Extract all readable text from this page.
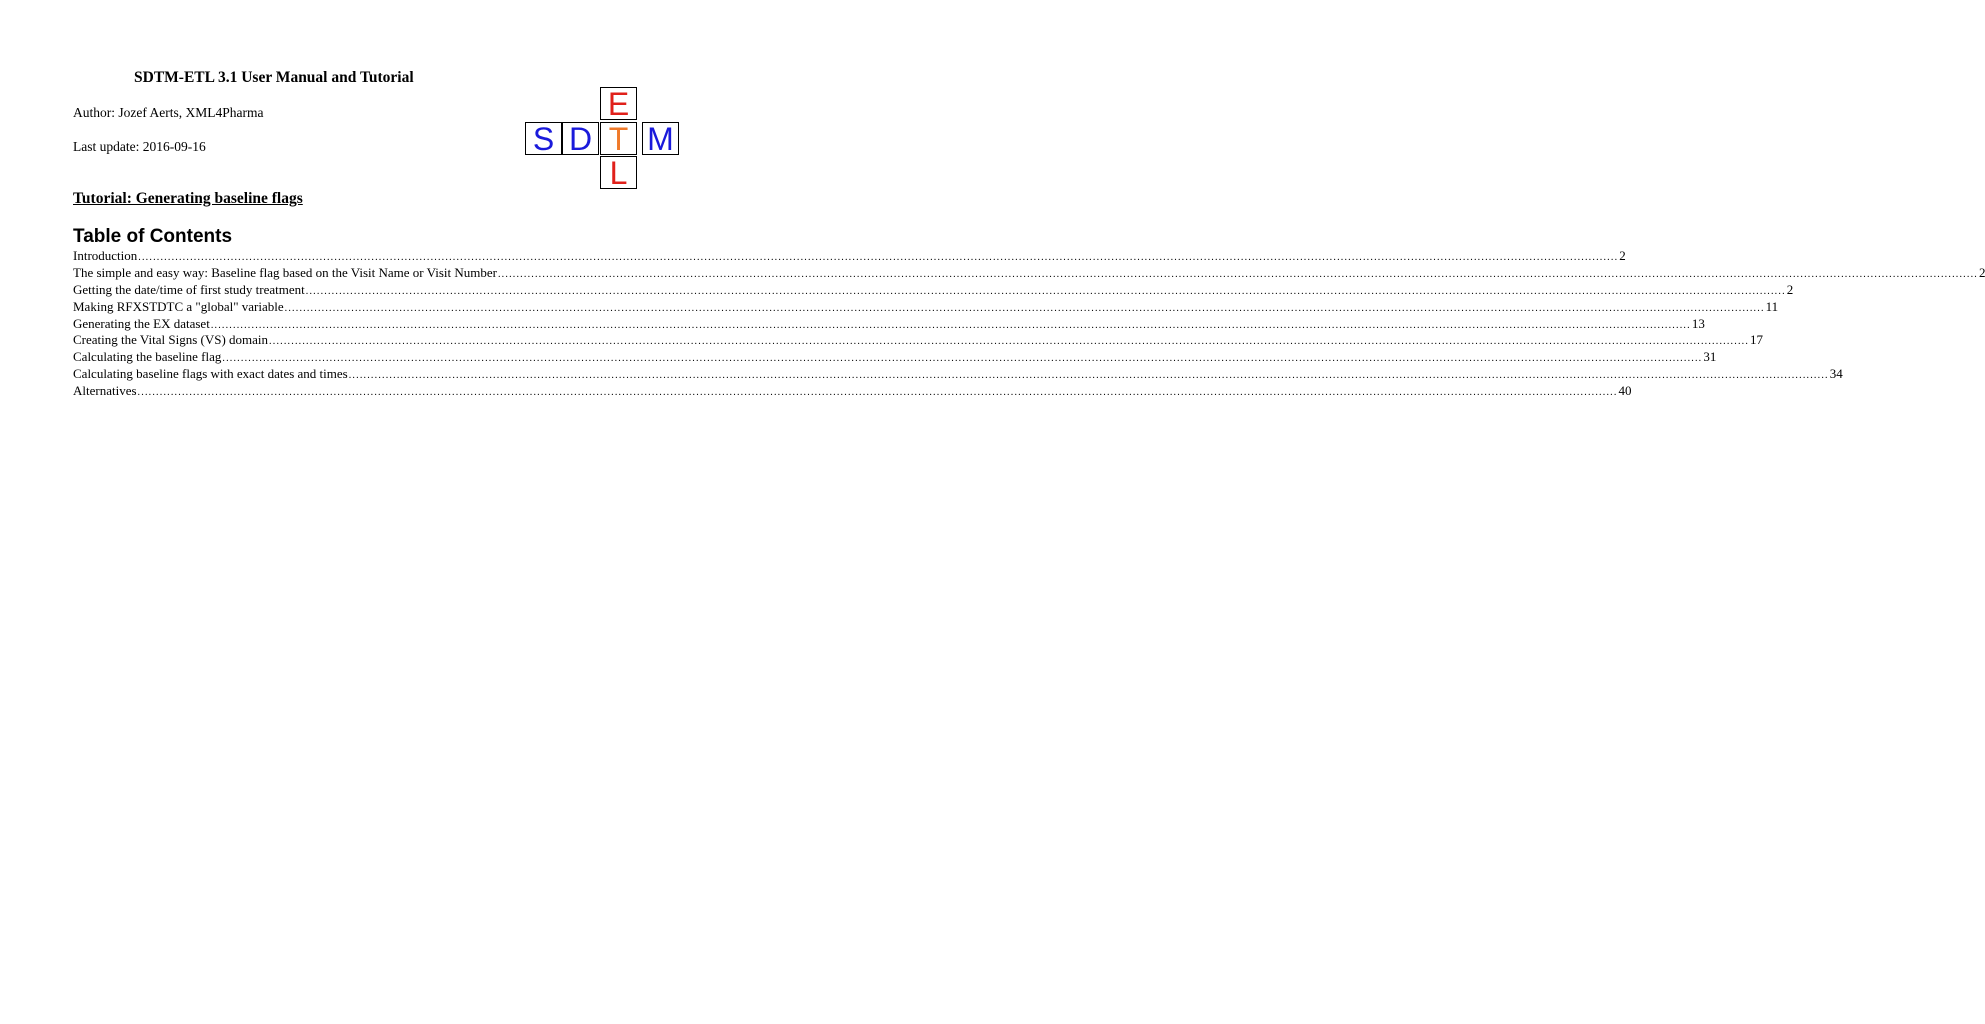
SDTM-ETL 3.1 User Manual and Tutorial
Author: Jozef Aerts, XML4Pharma
Last update: 2016-09-16
E
S D T M
L
Tutorial: Generating baseline flags
Table of Contents
Introduction ................................................................................................................................................................................................................................................................................................................................................................................................................ 2
The simple and easy way: Baseline flag based on the Visit Name or Visit Number ................................................................................................................................................................................................................................................................................................................................................................................................................ 2
Getting the date/time of first study treatment ................................................................................................................................................................................................................................................................................................................................................................................................................ 2
Making RFXSTDTC a "global" variable ................................................................................................................................................................................................................................................................................................................................................................................................................ 11
Generating the EX dataset ................................................................................................................................................................................................................................................................................................................................................................................................................ 13
Creating the Vital Signs (VS) domain ................................................................................................................................................................................................................................................................................................................................................................................................................ 17
Calculating the baseline flag ................................................................................................................................................................................................................................................................................................................................................................................................................ 31
Calculating baseline flags with exact dates and times ................................................................................................................................................................................................................................................................................................................................................................................................................ 34
Alternatives ................................................................................................................................................................................................................................................................................................................................................................................................................ 40
